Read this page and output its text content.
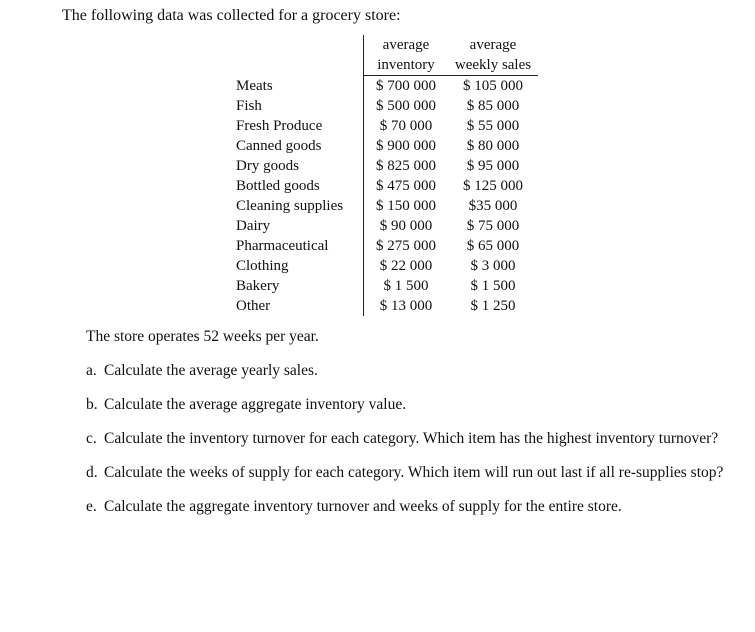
The following data was collected for a grocery store:

	average	average
	inventory	weekly sales
Meats	$ 700 000	$ 105 000
Fish	$ 500 000	$ 85 000
Fresh Produce	$ 70 000	$ 55 000
Canned goods	$ 900 000	$ 80 000
Dry goods	$ 825 000	$ 95 000
Bottled goods	$ 475 000	$ 125 000
Cleaning supplies	$ 150 000	$35 000
Dairy	$ 90 000	$ 75 000
Pharmaceutical	$ 275 000	$ 65 000
Clothing	$ 22 000	$ 3 000
Bakery	$ 1 500	$ 1 500
Other	$ 13 000	$ 1 250

The store operates 52 weeks per year.

a. Calculate the average yearly sales.
b. Calculate the average aggregate inventory value.
c. Calculate the inventory turnover for each category. Which item has the highest inventory turnover?
d. Calculate the weeks of supply for each category. Which item will run out last if all re-supplies stop?
e. Calculate the aggregate inventory turnover and weeks of supply for the entire store.
